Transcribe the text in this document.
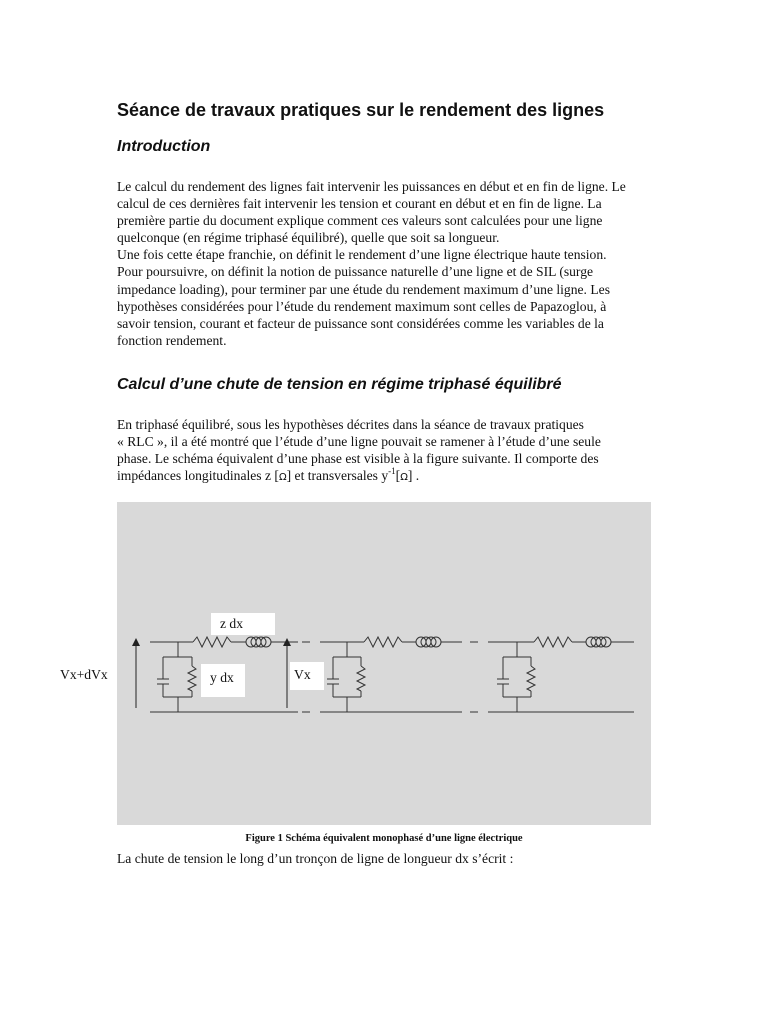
Séance de travaux pratiques sur le rendement des lignes
Introduction
Le calcul du rendement des lignes fait intervenir les puissances en début et en fin de ligne. Le
calcul de ces dernières fait intervenir les tension et courant en début et en fin de ligne. La
première partie du document explique comment ces valeurs sont calculées pour une ligne
quelconque (en régime triphasé équilibré), quelle que soit sa longueur.
Une fois cette étape franchie, on définit le rendement d’une ligne électrique haute tension.
Pour poursuivre, on définit la notion de puissance naturelle d’une ligne et de SIL (surge
impedance loading), pour terminer par une étude du rendement maximum d’une ligne. Les
hypothèses considérées pour l’étude du rendement maximum sont celles de Papazoglou, à
savoir tension, courant et facteur de puissance sont considérées comme les variables de la
fonction rendement.
Calcul d’une chute de tension en régime triphasé équilibré
En triphasé équilibré, sous les hypothèses décrites dans la séance de travaux pratiques
« RLC », il a été montré que l’étude d’une ligne pouvait se ramener à l’étude d’une seule
phase. Le schéma équivalent d’une phase est visible à la figure suivante. Il comporte des
impédances longitudinales z [Ω] et transversales $y^{-1}[\Omega]$ .
z dx
y dx	Vx
Vx+dVx
Figure 1 Schéma équivalent monophasé d’une ligne électrique
La chute de tension le long d’un tronçon de ligne de longueur dx s’écrit :
